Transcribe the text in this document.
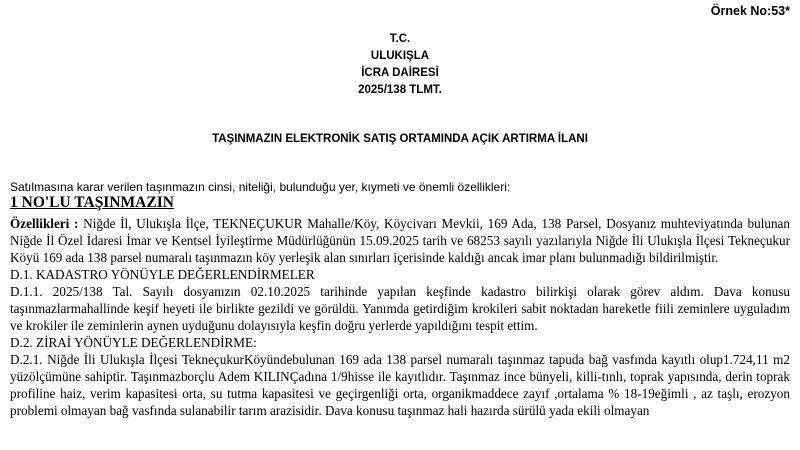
Örnek No:53*
T.C.
ULUKIŞLA
İCRA DAİRESİ
2025/138 TLMT.
TAŞINMAZIN ELEKTRONİK SATIŞ ORTAMINDA AÇIK ARTIRMA İLANI
Satılmasına karar verilen taşınmazın cinsi, niteliği, bulunduğu yer, kıymeti ve önemli özellikleri:
1 NO'LU TAŞINMAZIN

Özellikleri : Niğde İl, Ulukışla İlçe, TEKNEÇUKUR Mahalle/Köy, Köycivarı Mevkii, 169 Ada, 138 Parsel, Dosyanız muhteviyatında bulunan Niğde İl Özel İdaresi İmar ve Kentsel İyileştirme Müdürlüğünün 15.09.2025 tarih ve 68253 sayılı yazılarıyla Niğde İli Ulukışla İlçesi Tekneçukur Köyü 169 ada 138 parsel numaralı taşınmazın köy yerleşik alan sınırları içerisinde kaldığı ancak imar planı bulunmadığı bildirilmiştir.

D.1. KADASTRO YÖNÜYLE DEĞERLENDİRMELER

D.1.1. 2025/138 Tal. Sayılı dosyanızın 02.10.2025 tarihinde yapılan keşfinde kadastro bilirkişi olarak görev aldım. Dava konusu taşınmazlarmahallinde keşif heyeti ile birlikte gezildi ve görüldü. Yanımda getirdiğim krokileri sabit noktadan hareketle fiili zeminlere uyguladım ve krokiler ile zeminlerin aynen uyduğunu dolayısıyla keşfin doğru yerlerde yapıldığını tespit ettim.

D.2. ZİRAİ YÖNÜYLE DEĞERLENDİRME:

D.2.1. Niğde İli Ulukışla İlçesi TekneçukurKöyündebulunan 169 ada 138 parsel numaralı taşınmaz tapuda bağ vasfında kayıtlı olup1.724,11 m2 yüzölçümüne sahiptir. Taşınmazborçlu Adem KILINÇadına 1/9hisse ile kayıtlıdır. Taşınmaz ince bünyeli, killi-tınlı, toprak yapısında, derin toprak profiline haiz, verim kapasitesi orta, su tutma kapasitesi ve geçirgenliği orta, organikmaddece zayıf ,ortalama % 18-19eğimli , az taşlı, erozyon problemi olmayan bağ vasfında sulanabilir tarım arazisidir. Dava konusu taşınmaz hali hazırda sürülü yada ekili olmayan
